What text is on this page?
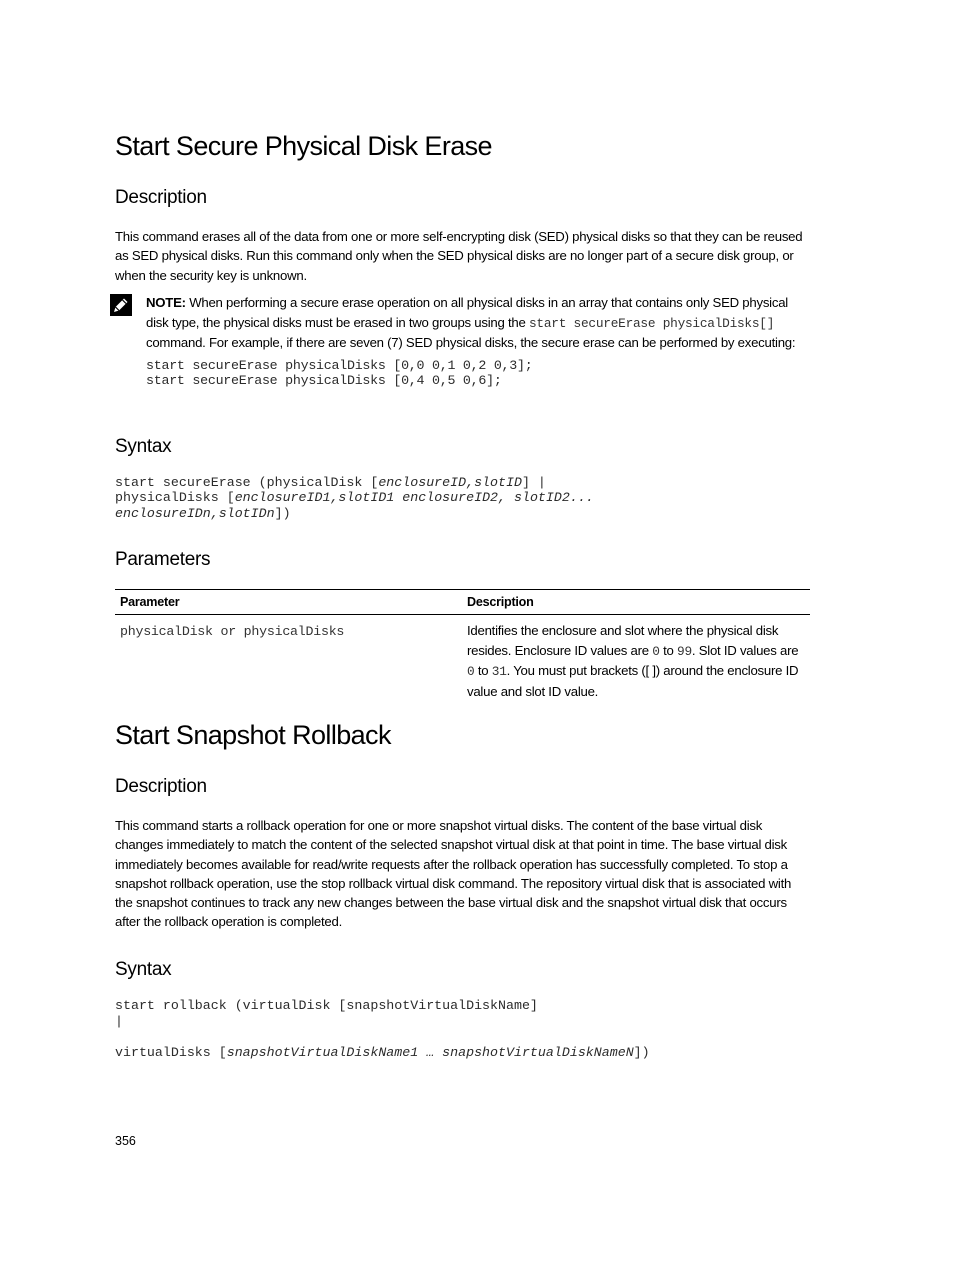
Start Secure Physical Disk Erase
Description

This command erases all of the data from one or more self-encrypting disk (SED) physical disks so that they can be reused as SED physical disks. Run this command only when the SED physical disks are no longer part of a secure disk group, or when the security key is unknown.

NOTE: When performing a secure erase operation on all physical disks in an array that contains only SED physical disk type, the physical disks must be erased in two groups using the start secureErase physicalDisks[] command. For example, if there are seven (7) SED physical disks, the secure erase can be performed by executing:
start secureErase physicalDisks [0,0 0,1 0,2 0,3];
start secureErase physicalDisks [0,4 0,5 0,6];
Syntax
start secureErase (physicalDisk [enclosureID,slotID] |
physicalDisks [enclosureID1,slotID1 enclosureID2, slotID2...
enclosureIDn,slotIDn])
Parameters
Parameter	Description
physicalDisk or physicalDisks	Identifies the enclosure and slot where the physical disk resides. Enclosure ID values are 0 to 99. Slot ID values are 0 to 31. You must put brackets ([ ]) around the enclosure ID value and slot ID value.
Start Snapshot Rollback
Description

This command starts a rollback operation for one or more snapshot virtual disks. The content of the base virtual disk changes immediately to match the content of the selected snapshot virtual disk at that point in time. The base virtual disk immediately becomes available for read/write requests after the rollback operation has successfully completed. To stop a snapshot rollback operation, use the stop rollback virtual disk command. The repository virtual disk that is associated with the snapshot continues to track any new changes between the base virtual disk and the snapshot virtual disk that occurs after the rollback operation is completed.

Syntax
start rollback (virtualDisk [snapshotVirtualDiskName]
|

virtualDisks [snapshotVirtualDiskName1 … snapshotVirtualDiskNameN])
356
